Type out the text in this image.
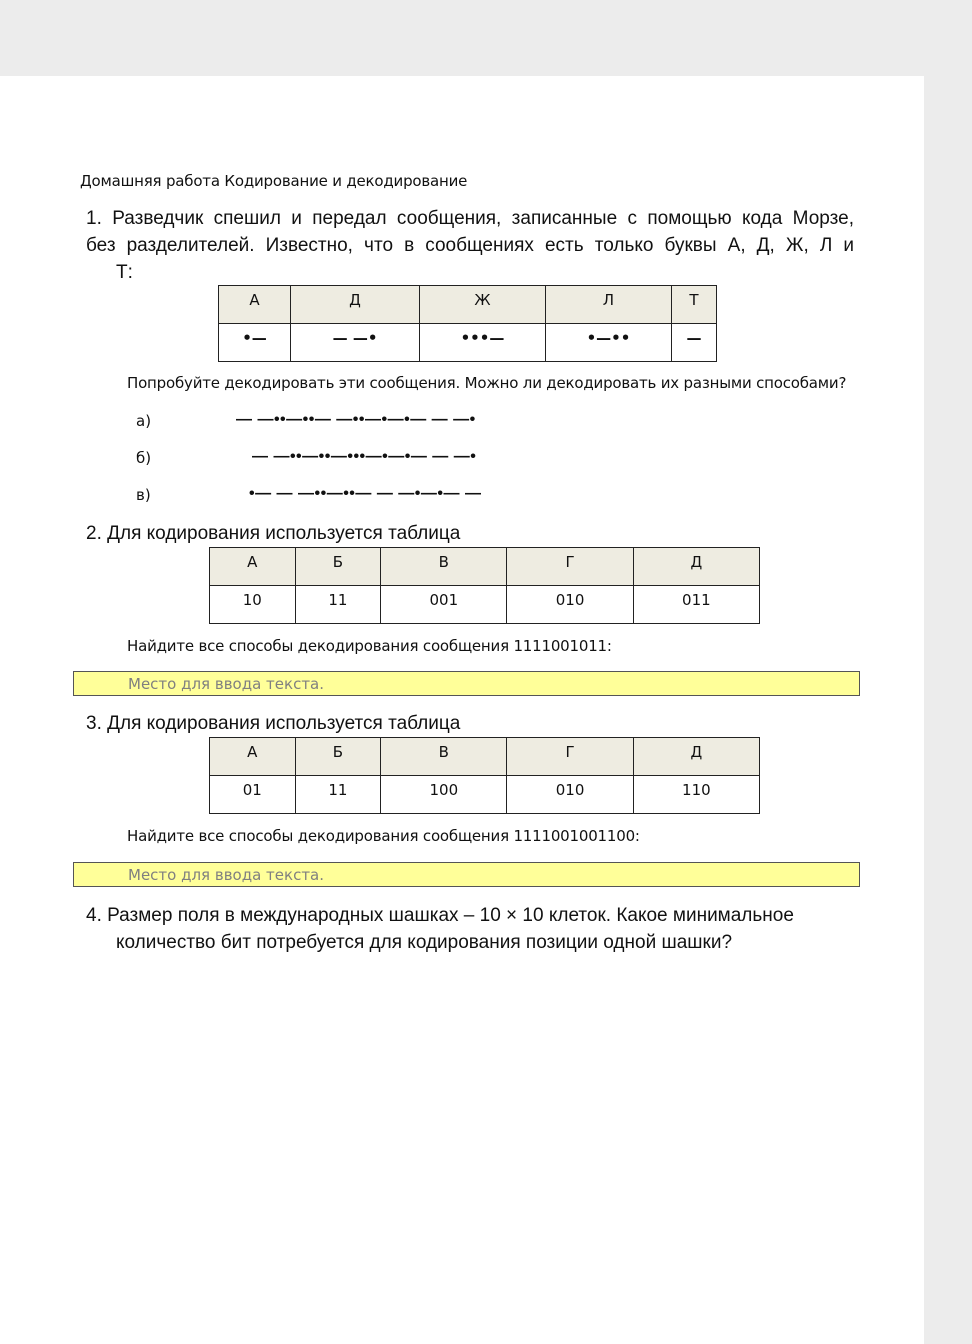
Домашняя работа Кодирование и декодирование
1. Разведчик спешил и передал сообщения, записанные с помощью кода Морзе,
без разделителей. Известно, что в сообщениях есть только буквы А, Д, Ж, Л и
Т:
А	Д	Ж	Л	Т
•—	— —•	•••—	•—••	—
Попробуйте декодировать эти сообщения. Можно ли декодировать их разными способами?
а)	— —••—••— —••—•—•— — —•
б)	— —••—••—•••—•—•— — —•
в)	•— — —••—••— — —•—•— —
2. Для кодирования используется таблица
А	Б	В	Г	Д
10	11	001	010	011
Найдите все способы декодирования сообщения 1111001011:
Место для ввода текста.
3. Для кодирования используется таблица
А	Б	В	Г	Д
01	11	100	010	110
Найдите все способы декодирования сообщения 1111001001100:
Место для ввода текста.
4. Размер поля в международных шашках – 10 × 10 клеток. Какое минимальное
количество бит потребуется для кодирования позиции одной шашки?
